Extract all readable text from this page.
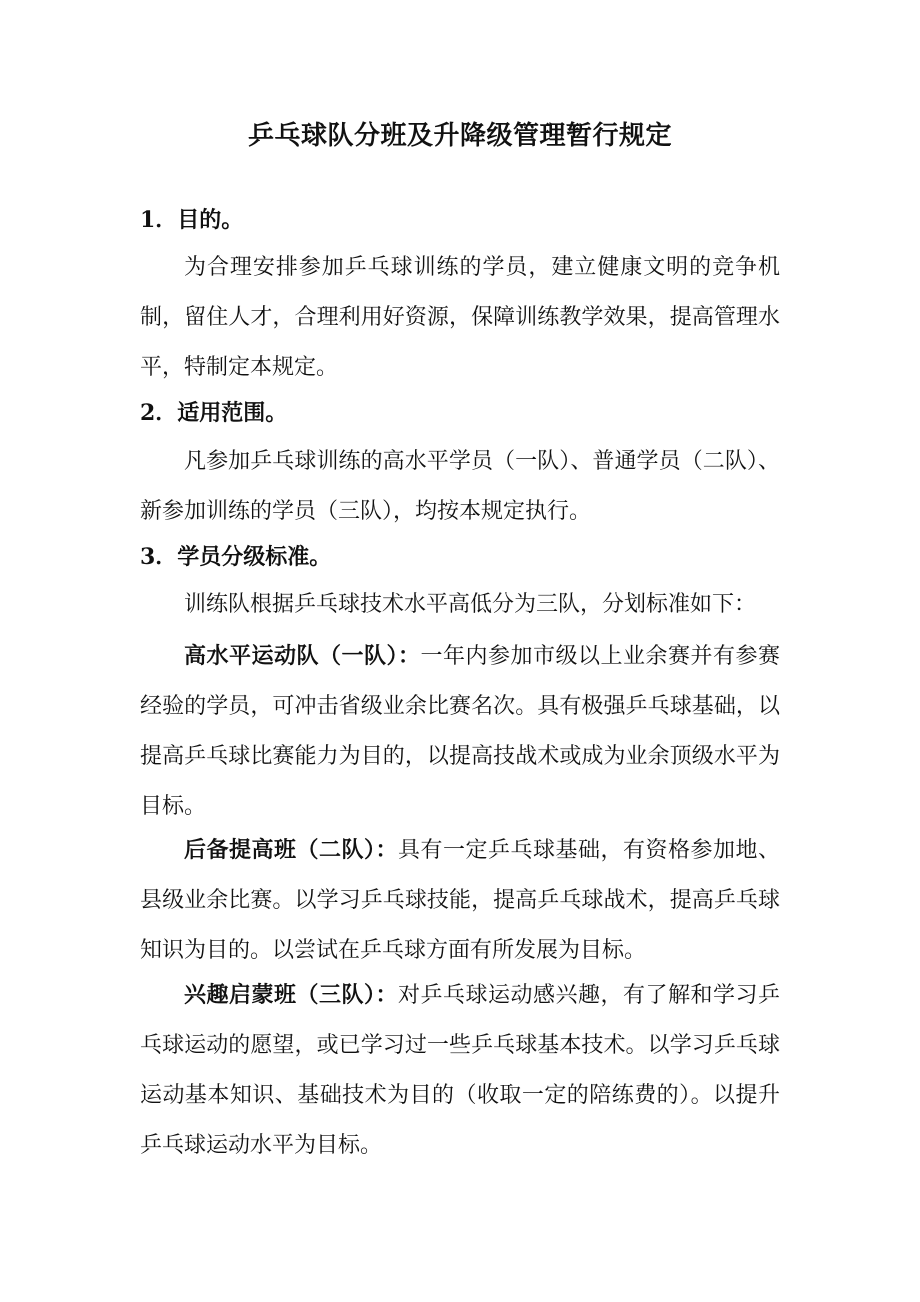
乒乓球队分班及升降级管理暂行规定
1．目的。

为合理安排参加乒乓球训练的学员，建立健康文明的竞争机制，留住人才，合理利用好资源，保障训练教学效果，提高管理水平，特制定本规定。

2．适用范围。

凡参加乒乓球训练的高水平学员（一队）、普通学员（二队）、新参加训练的学员（三队），均按本规定执行。

3．学员分级标准。

训练队根据乒乓球技术水平高低分为三队，分划标准如下：

高水平运动队（一队）：一年内参加市级以上业余赛并有参赛经验的学员，可冲击省级业余比赛名次。具有极强乒乓球基础，以提高乒乓球比赛能力为目的，以提高技战术或成为业余顶级水平为目标。

后备提高班（二队）：具有一定乒乓球基础，有资格参加地、县级业余比赛。以学习乒乓球技能，提高乒乓球战术，提高乒乓球知识为目的。以尝试在乒乓球方面有所发展为目标。

兴趣启蒙班（三队）：对乒乓球运动感兴趣，有了解和学习乒乓球运动的愿望，或已学习过一些乒乓球基本技术。以学习乒乓球运动基本知识、基础技术为目的（收取一定的陪练费的）。以提升乒乓球运动水平为目标。
